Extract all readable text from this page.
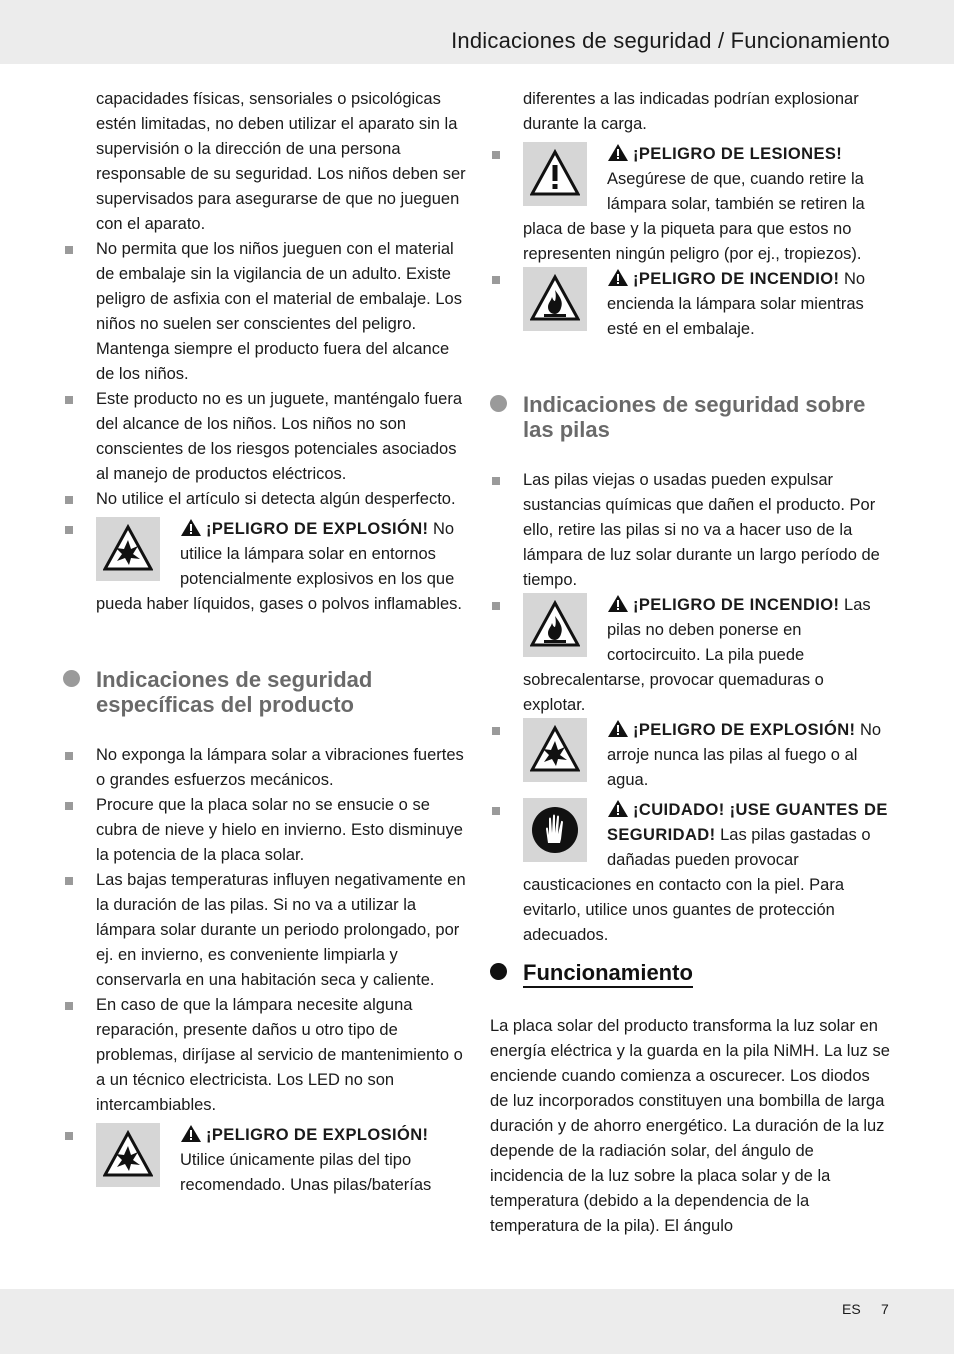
Indicaciones de seguridad / Funcionamiento

capacidades físicas, sensoriales o psicológicas estén limitadas, no deben utilizar el aparato sin la supervisión o la dirección de una persona responsable de su seguridad. Los niños deben ser supervisados para asegurarse de que no jueguen con el aparato.

No permita que los niños jueguen con el material de embalaje sin la vigilancia de un adulto. Existe peligro de asfixia con el material de embalaje. Los niños no suelen ser conscientes del peligro. Mantenga siempre el producto fuera del alcance de los niños.

Este producto no es un juguete, manténgalo fuera del alcance de los niños. Los niños no son conscientes de los riesgos potenciales asociados al manejo de productos eléctricos.

No utilice el artículo si detecta algún desperfecto.

¡PELIGRO DE EXPLOSIÓN! No utilice la lámpara solar en entornos potencialmente explosivos en los que pueda haber líquidos, gases o polvos inflamables.
Indicaciones de seguridad específicas del producto

No exponga la lámpara solar a vibraciones fuertes o grandes esfuerzos mecánicos.

Procure que la placa solar no se ensucie o se cubra de nieve y hielo en invierno. Esto disminuye la potencia de la placa solar.

Las bajas temperaturas influyen negativamente en la duración de las pilas. Si no va a utilizar la lámpara solar durante un periodo prolongado, por ej. en invierno, es conveniente limpiarla y conservarla en una habitación seca y caliente.

En caso de que la lámpara necesite alguna reparación, presente daños u otro tipo de problemas, diríjase al servicio de mantenimiento o a un técnico electricista. Los LED no son intercambiables.

¡PELIGRO DE EXPLOSIÓN! Utilice únicamente pilas del tipo recomendado. Unas pilas/baterías

diferentes a las indicadas podrían explosionar durante la carga.

¡PELIGRO DE LESIONES! Asegúrese de que, cuando retire la lámpara solar, también se retiren la placa de base y la piqueta para que estos no representen ningún peligro (por ej., tropiezos).
¡PELIGRO DE INCENDIO! No encienda la lámpara solar mientras esté en el embalaje.
Indicaciones de seguridad sobre las pilas

Las pilas viejas o usadas pueden expulsar sustancias químicas que dañen el producto. Por ello, retire las pilas si no va a hacer uso de la lámpara de luz solar durante un largo período de tiempo.

¡PELIGRO DE INCENDIO! Las pilas no deben ponerse en cortocircuito. La pila puede sobrecalentarse, provocar quemaduras o explotar.
¡PELIGRO DE EXPLOSIÓN! No arroje nunca las pilas al fuego o al agua.
¡CUIDADO! ¡USE GUANTES DE SEGURIDAD! Las pilas gastadas o dañadas pueden provocar causticaciones en contacto con la piel. Para evitarlo, utilice unos guantes de protección adecuados.
Funcionamiento

La placa solar del producto transforma la luz solar en energía eléctrica y la guarda en la pila NiMH. La luz se enciende cuando comienza a oscurecer. Los diodos de luz incorporados constituyen una bombilla de larga duración y de ahorro energético. La duración de la luz depende de la radiación solar, del ángulo de incidencia de la luz sobre la placa solar y de la temperatura (debido a la dependencia de la temperatura de la pila). El ángulo

ES 7
